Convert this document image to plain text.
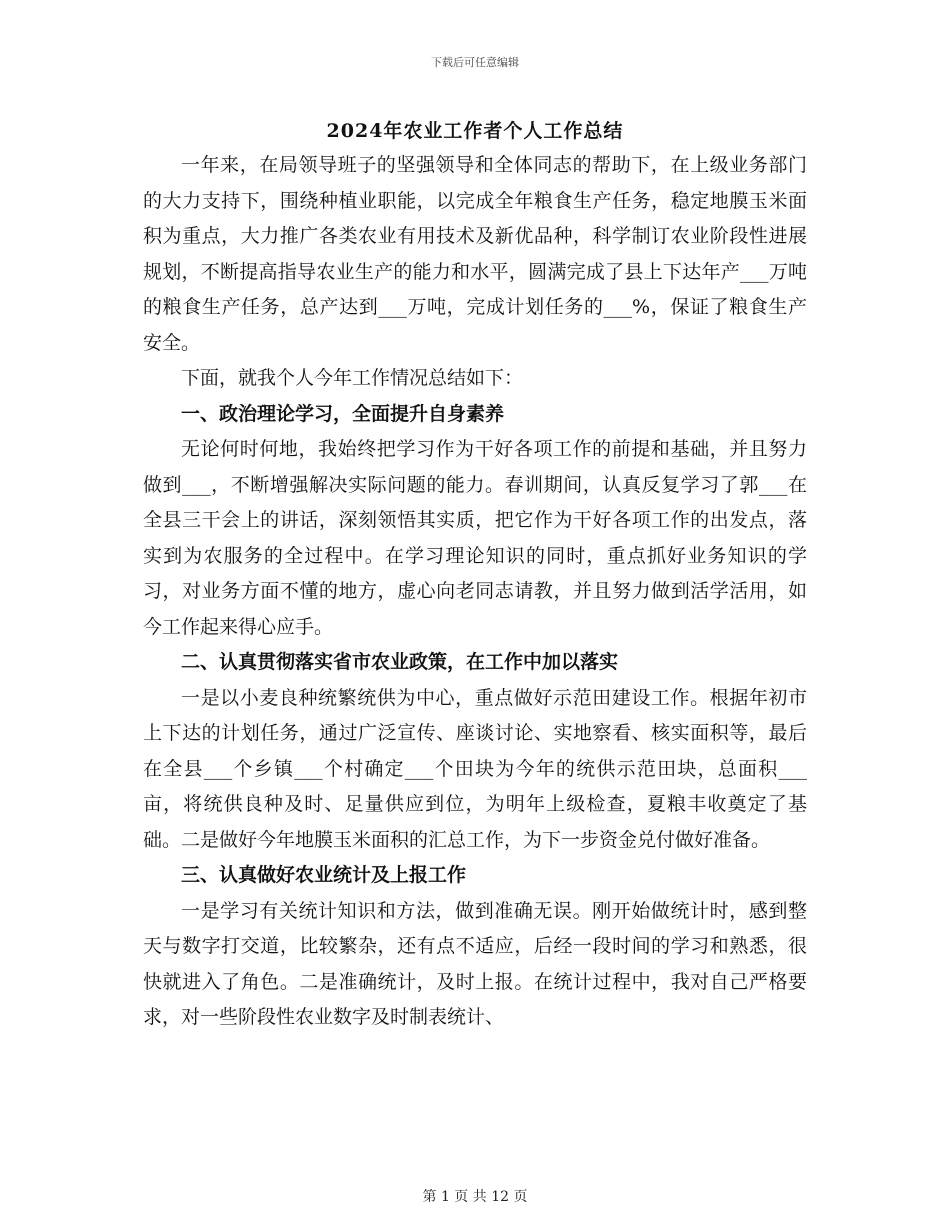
下载后可任意编辑
2024年农业工作者个人工作总结

一年来，在局领导班子的坚强领导和全体同志的帮助下，在上级业务部门的大力支持下，围绕种植业职能，以完成全年粮食生产任务，稳定地膜玉米面积为重点，大力推广各类农业有用技术及新优品种，科学制订农业阶段性进展规划，不断提高指导农业生产的能力和水平，圆满完成了县上下达年产___万吨的粮食生产任务，总产达到___万吨，完成计划任务的___%，保证了粮食生产安全。

下面，就我个人今年工作情况总结如下：

一、政治理论学习，全面提升自身素养

无论何时何地，我始终把学习作为干好各项工作的前提和基础，并且努力做到___，不断增强解决实际问题的能力。春训期间，认真反复学习了郭___在全县三干会上的讲话，深刻领悟其实质，把它作为干好各项工作的出发点，落实到为农服务的全过程中。在学习理论知识的同时，重点抓好业务知识的学习，对业务方面不懂的地方，虚心向老同志请教，并且努力做到活学活用，如今工作起来得心应手。

二、认真贯彻落实省市农业政策，在工作中加以落实

一是以小麦良种统繁统供为中心，重点做好示范田建设工作。根据年初市上下达的计划任务，通过广泛宣传、座谈讨论、实地察看、核实面积等，最后在全县___个乡镇___个村确定___个田块为今年的统供示范田块，总面积___亩，将统供良种及时、足量供应到位，为明年上级检查，夏粮丰收奠定了基础。二是做好今年地膜玉米面积的汇总工作，为下一步资金兑付做好准备。

三、认真做好农业统计及上报工作

一是学习有关统计知识和方法，做到准确无误。刚开始做统计时，感到整天与数字打交道，比较繁杂，还有点不适应，后经一段时间的学习和熟悉，很快就进入了角色。二是准确统计，及时上报。在统计过程中，我对自己严格要求，对一些阶段性农业数字及时制表统计、

第 1 页 共 12 页
